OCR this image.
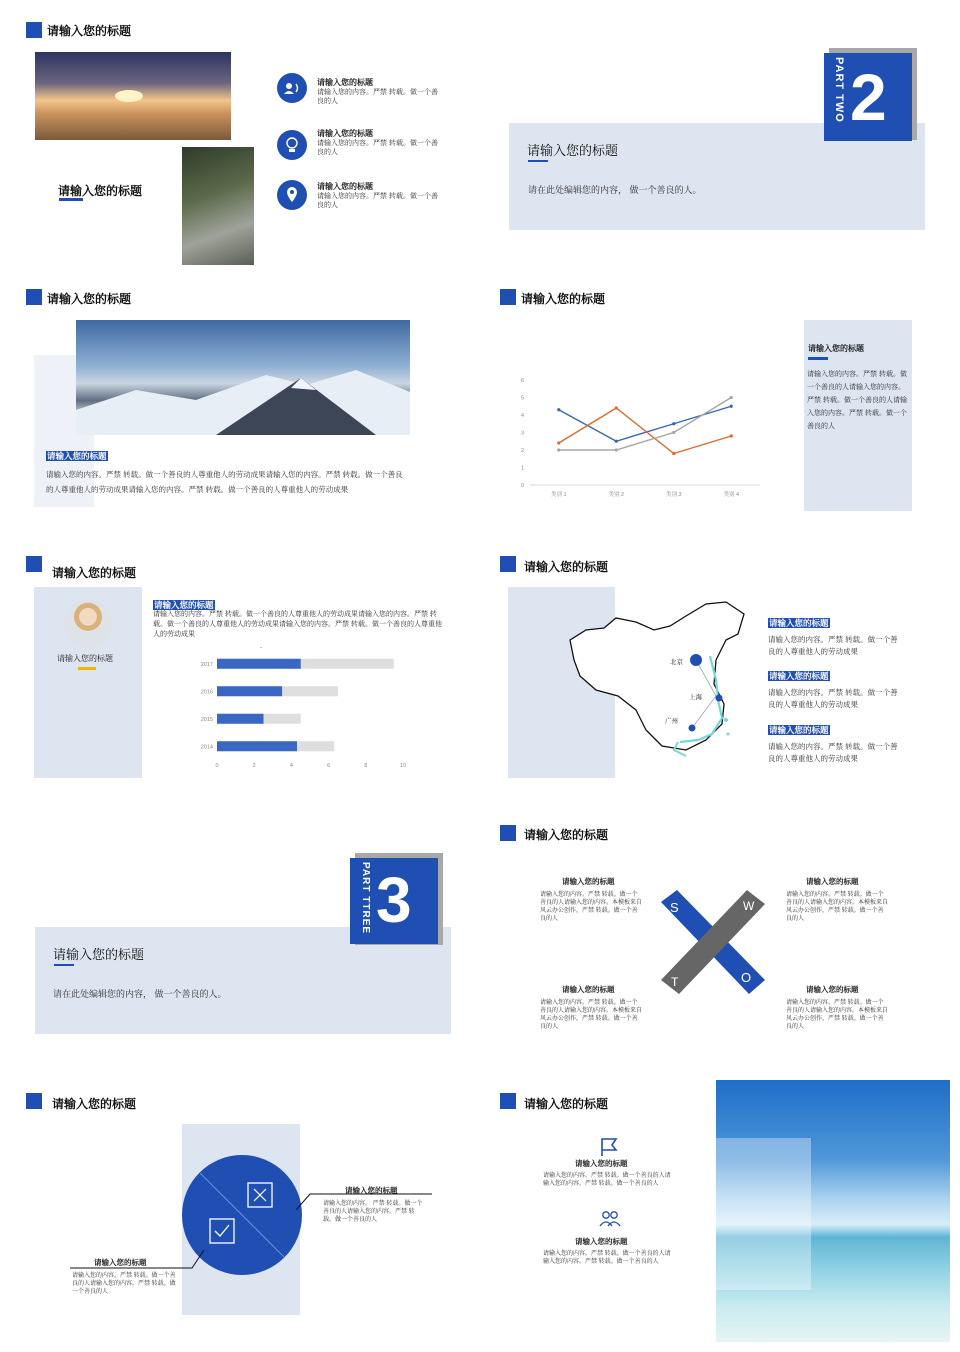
请输入您的标题
请输入您的标题
请输入您的标题
请输入您的内容。严禁 转载。做一个善良的人
请输入您的标题
请输入您的内容。严禁 转载。做一个善良的人
请输入您的标题
请输入您的内容。严禁 转载。做一个善良的人
PART TWO 2
请输入您的标题
请在此处编辑您的内容， 做一个善良的人。
请输入您的标题
请输入您的标题
请输入您的内容。严禁 转载。做一个善良的人尊重他人的劳动成果请输入您的内容。严禁 转载。做一个善良的人尊重他人的劳动成果请输入您的内容。严禁 转载。做一个善良的人尊重他人的劳动成果
请输入您的标题
0
1
2
3
4
5
6
类别 1	类别 2	类别 3	类别 4
请输入您的标题
请输入您的内容。严禁 转载。做一个善良的人请输入您的内容。严禁 转载。做一个善良的人请输入您的内容。严禁 转载。做一个善良的人
请输入您的标题
请输入您的标题
请输入您的标题
请输入您的内容。严禁 转载。做一个善良的人尊重他人的劳动成果请输入您的内容。严禁 转载。做一个善良的人尊重他人的劳动成果请输入您的内容。严禁 转载。做一个善良的人尊重他人的劳动成果
-
2017
2016
2015
2014
0	2	4	6	8	10
请输入您的标题
北京
上海
广州
请输入您的标题
请输入您的内容。严禁 转载。做一个善良的人尊重他人的劳动成果
请输入您的标题
请输入您的内容。严禁 转载。做一个善良的人尊重他人的劳动成果
请输入您的标题
请输入您的内容。严禁 转载。做一个善良的人尊重他人的劳动成果
PART TTREE 3
请输入您的标题
请在此处编辑您的内容， 做一个善良的人。
请输入您的标题
S	W
T	O
请输入您的标题
请输入您的内容。严禁 转载。做一个善良的人请输入您的内容。本模板来自风云办公创作，严禁 转载。做一个善良的人
请输入您的标题
请输入您的内容。严禁 转载。做一个善良的人请输入您的内容。本模板来自风云办公创作，严禁 转载。做一个善良的人
请输入您的标题
请输入您的内容。严禁 转载。做一个善良的人请输入您的内容。本模板来自风云办公创作，严禁 转载。做一个善良的人
请输入您的标题
请输入您的内容。严禁 转载。做一个善良的人请输入您的内容。本模板来自风云办公创作，严禁 转载。做一个善良的人
请输入您的标题
请输入您的标题
请输入您的内容。 严禁 转载。做一个善良的人请输入您的内容。严禁 转载。做一个善良的人
请输入您的标题
请输入您的内容。严禁 转载。做一个善良的人请输入您的内容。严禁 转载。做一个善良的人
请输入您的标题
请输入您的标题
请输入您的内容。严禁 转载。做一个善良的人请输入您的内容。严禁 转载。做一个善良的人
请输入您的标题
请输入您的内容。严禁 转载。做一个善良的人请输入您的内容。严禁 转载。做一个善良的人
